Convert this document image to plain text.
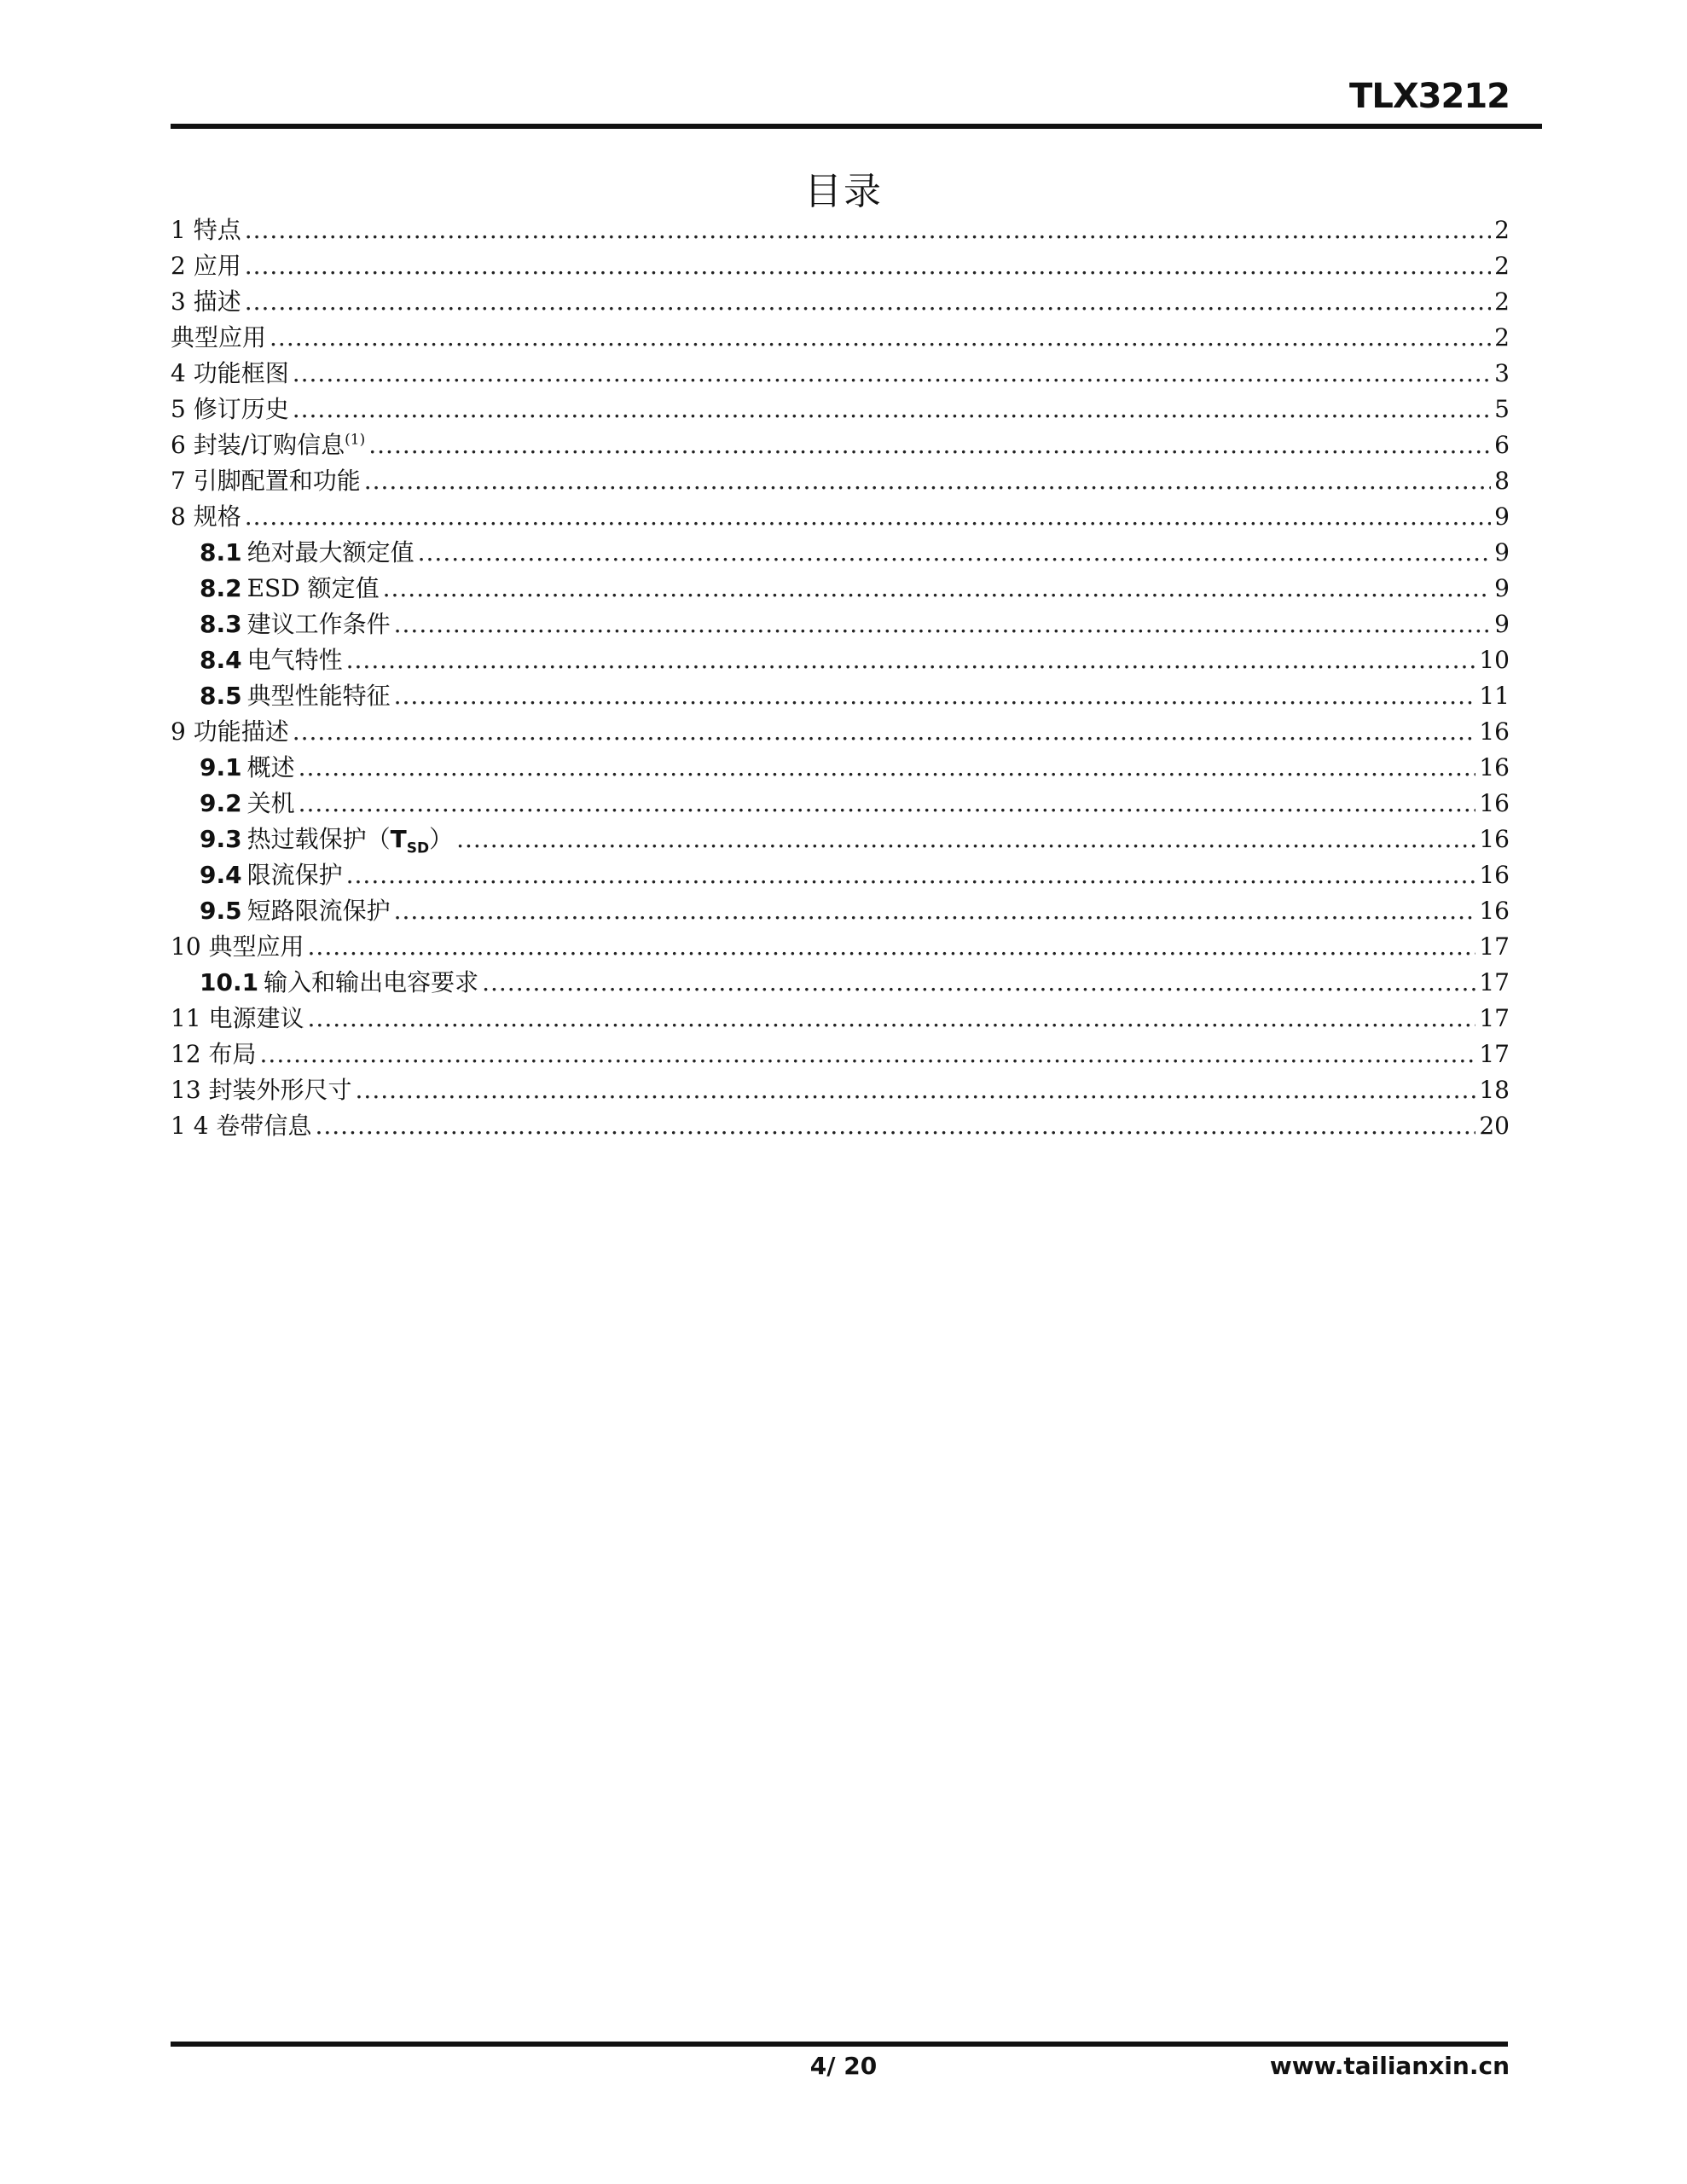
TLX3212
目录
1 特点 .....	2
2 应用 .....	2
3 描述 .....	2
典型应用 .....	2
4 功能框图 .....	3
5 修订历史 .....	5
6 封装/订购信息$^{(1)}$ .....	6
7 引脚配置和功能 .....	8
8 规格 .....	9
8.1 绝对最大额定值 .....	9
8.2 ESD 额定值 .....	9
8.3 建议工作条件 .....	9
8.4 电气特性 .....	10
8.5 典型性能特征 .....	11
9 功能描述 .....	16
9.1 概述 .....	16
9.2 关机 .....	16
9.3 热过载保护$(T_{SD})$ .....	16
9.4 限流保护 .....	16
9.5 短路限流保护 .....	16
10 典型应用 .....	17
10.1 输入和输出电容要求 .....	17
11 电源建议 .....	17
12 布局 .....	17
13 封装外形尺寸 .....	18
1 4 卷带信息 .....	20
4/ 20	www.tailianxin.cn
